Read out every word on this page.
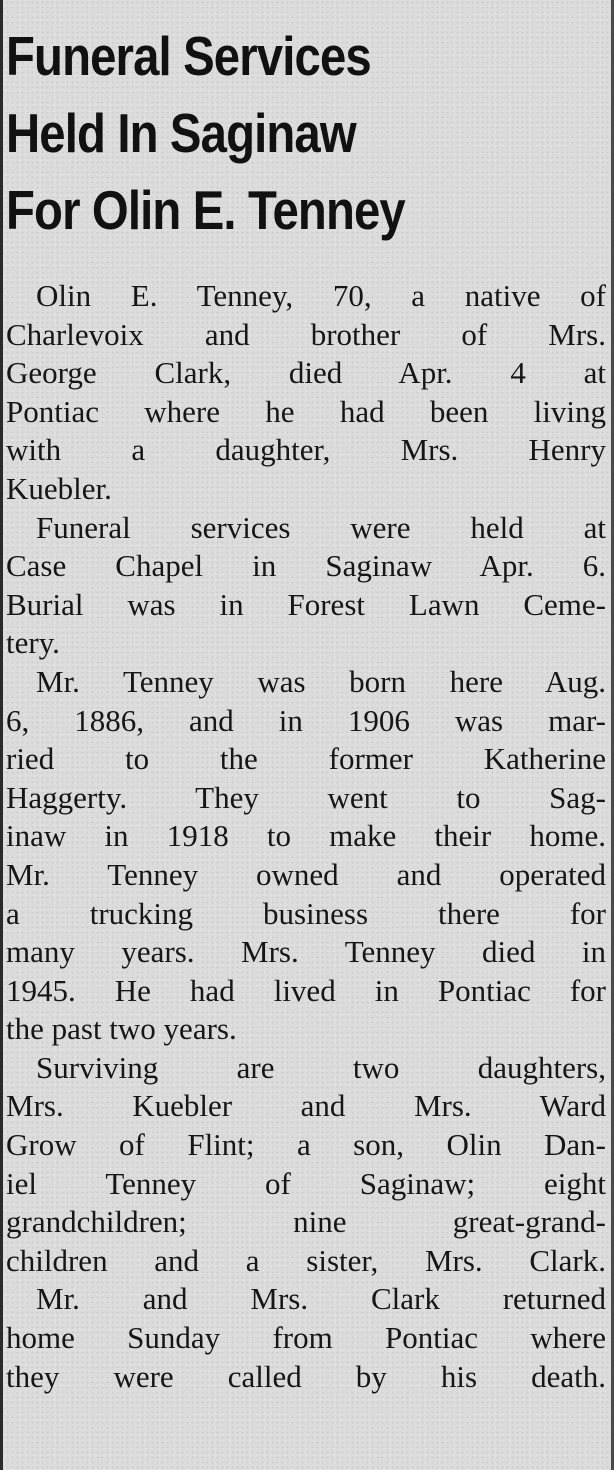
Funeral Services
Held In Saginaw
For Olin E. Tenney
Olin E. Tenney, 70, a native of
Charlevoix and brother of Mrs.
George Clark, died Apr. 4 at
Pontiac where he had been living
with a daughter, Mrs. Henry
Kuebler.
Funeral services were held at
Case Chapel in Saginaw Apr. 6.
Burial was in Forest Lawn Ceme-
tery.
Mr. Tenney was born here Aug.
6, 1886, and in 1906 was mar-
ried to the former Katherine
Haggerty. They went to Sag-
inaw in 1918 to make their home.
Mr. Tenney owned and operated
a trucking business there for
many years. Mrs. Tenney died in
1945. He had lived in Pontiac for
the past two years.
Surviving are two daughters,
Mrs. Kuebler and Mrs. Ward
Grow of Flint; a son, Olin Dan-
iel Tenney of Saginaw; eight
grandchildren; nine great-grand-
children and a sister, Mrs. Clark.
Mr. and Mrs. Clark returned
home Sunday from Pontiac where
they were called by his death.
